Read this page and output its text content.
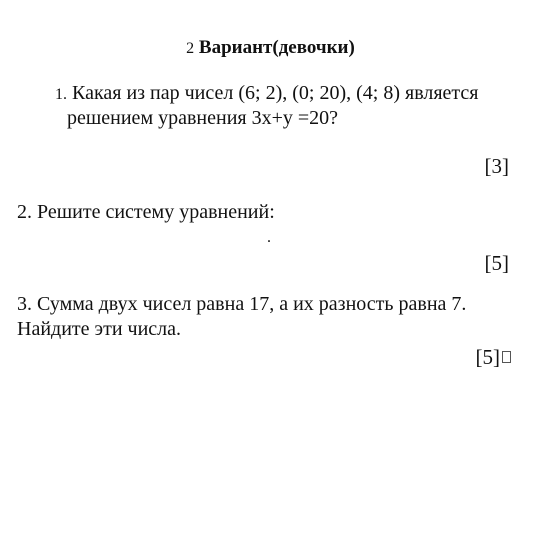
2 Вариант(девочки)
1. Какая из пар чисел (6; 2), (0; 20), (4; 8) является
решением уравнения 3х+у =20?
[3]
2. Решите систему уравнений:
.
[5]
3. Сумма двух чисел равна 17, а их разность равна 7.
Найдите эти числа.
[5]
